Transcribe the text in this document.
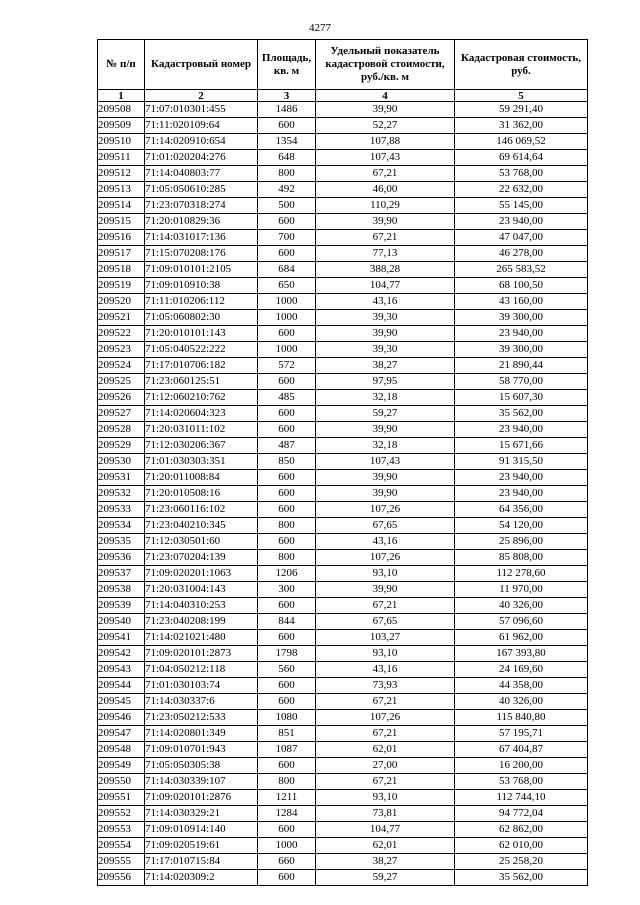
4277
№ п/п	Кадастровый номер	Площадь, кв. м	Удельный показатель кадастровой стоимости, руб./кв. м	Кадастровая стоимость, руб.
1	2	3	4	5
209508	71:07:010301:455	1486	39,90	59 291,40
209509	71:11:020109:64	600	52,27	31 362,00
209510	71:14:020910:654	1354	107,88	146 069,52
209511	71:01:020204:276	648	107,43	69 614,64
209512	71:14:040803:77	800	67,21	53 768,00
209513	71:05:050610:285	492	46,00	22 632,00
209514	71:23:070318:274	500	110,29	55 145,00
209515	71:20:010829:36	600	39,90	23 940,00
209516	71:14:031017:136	700	67,21	47 047,00
209517	71:15:070208:176	600	77,13	46 278,00
209518	71:09:010101:2105	684	388,28	265 583,52
209519	71:09:010910:38	650	104,77	68 100,50
209520	71:11:010206:112	1000	43,16	43 160,00
209521	71:05:060802:30	1000	39,30	39 300,00
209522	71:20:010101:143	600	39,90	23 940,00
209523	71:05:040522:222	1000	39,30	39 300,00
209524	71:17:010706:182	572	38,27	21 890,44
209525	71:23:060125:51	600	97,95	58 770,00
209526	71:12:060210:762	485	32,18	15 607,30
209527	71:14:020604:323	600	59,27	35 562,00
209528	71:20:031011:102	600	39,90	23 940,00
209529	71:12:030206:367	487	32,18	15 671,66
209530	71:01:030303:351	850	107,43	91 315,50
209531	71:20:011008:84	600	39,90	23 940,00
209532	71:20:010508:16	600	39,90	23 940,00
209533	71:23:060116:102	600	107,26	64 356,00
209534	71:23:040210:345	800	67,65	54 120,00
209535	71:12:030501:60	600	43,16	25 896,00
209536	71:23:070204:139	800	107,26	85 808,00
209537	71:09:020201:1063	1206	93,10	112 278,60
209538	71:20:031004:143	300	39,90	11 970,00
209539	71:14:040310:253	600	67,21	40 326,00
209540	71:23:040208:199	844	67,65	57 096,60
209541	71:14:021021:480	600	103,27	61 962,00
209542	71:09:020101:2873	1798	93,10	167 393,80
209543	71:04:050212:118	560	43,16	24 169,60
209544	71:01:030103:74	600	73,93	44 358,00
209545	71:14:030337:6	600	67,21	40 326,00
209546	71:23:050212:533	1080	107,26	115 840,80
209547	71:14:020801:349	851	67,21	57 195,71
209548	71:09:010701:943	1087	62,01	67 404,87
209549	71:05:050305:38	600	27,00	16 200,00
209550	71:14:030339:107	800	67,21	53 768,00
209551	71:09:020101:2876	1211	93,10	112 744,10
209552	71:14:030329:21	1284	73,81	94 772,04
209553	71:09:010914:140	600	104,77	62 862,00
209554	71:09:020519:61	1000	62,01	62 010,00
209555	71:17:010715:84	660	38,27	25 258,20
209556	71:14:020309:2	600	59,27	35 562,00
